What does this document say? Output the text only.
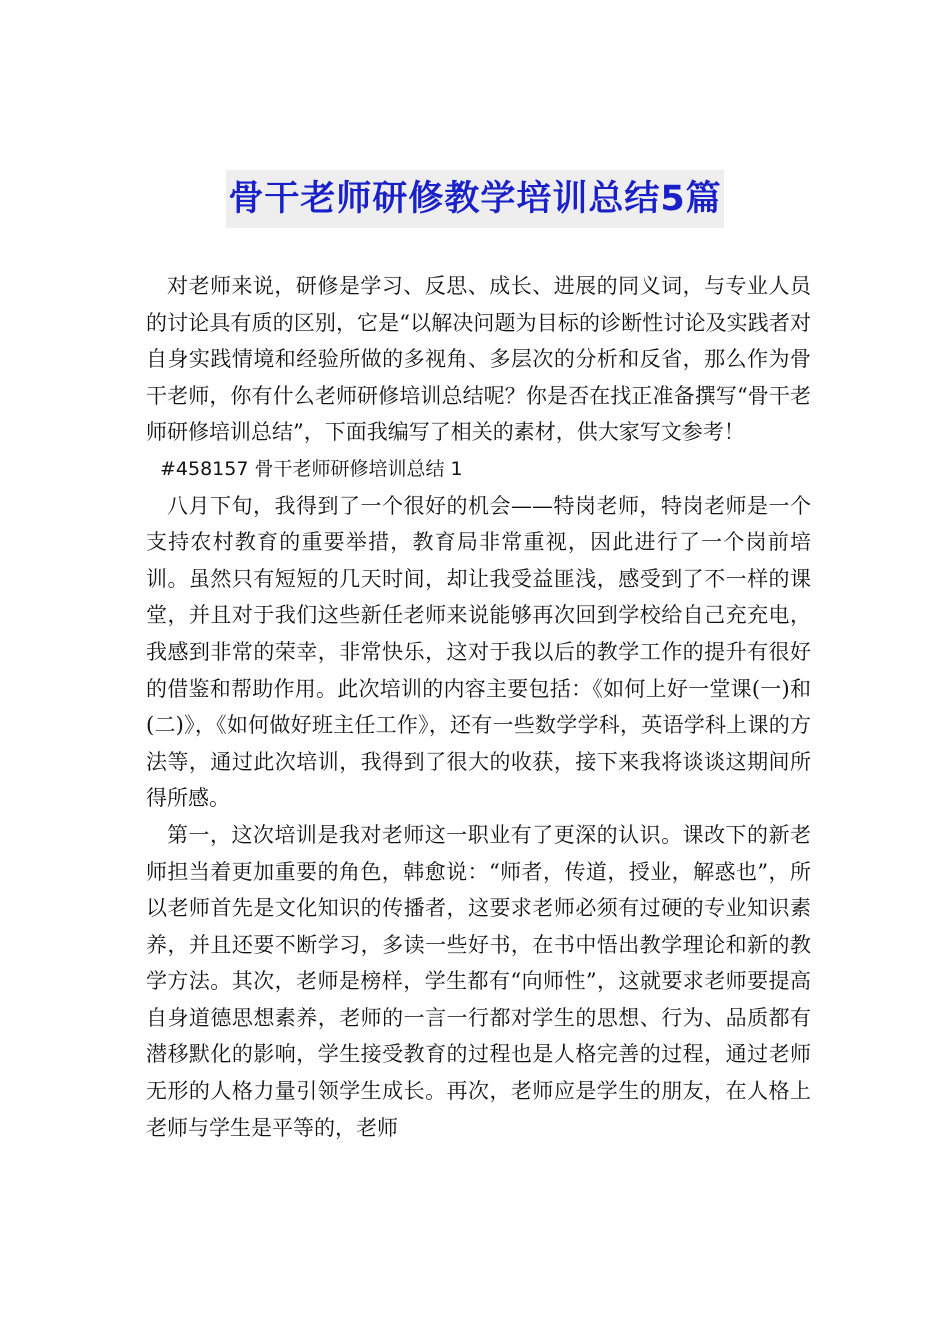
骨干老师研修教学培训总结5篇

对老师来说，研修是学习、反思、成长、进展的同义词，与专业人员的讨论具有质的区别，它是“以解决问题为目标的诊断性讨论及实践者对自身实践情境和经验所做的多视角、多层次的分析和反省，那么作为骨干老师，你有什么老师研修培训总结呢？你是否在找正准备撰写“骨干老师研修培训总结”，下面我编写了相关的素材，供大家写文参考！

#458157 骨干老师研修培训总结 1

八月下旬，我得到了一个很好的机会——特岗老师，特岗老师是一个支持农村教育的重要举措，教育局非常重视，因此进行了一个岗前培训。虽然只有短短的几天时间，却让我受益匪浅，感受到了不一样的课堂，并且对于我们这些新任老师来说能够再次回到学校给自己充充电，我感到非常的荣幸，非常快乐，这对于我以后的教学工作的提升有很好的借鉴和帮助作用。此次培训的内容主要包括：《如何上好一堂课(一)和(二)》，《如何做好班主任工作》，还有一些数学学科，英语学科上课的方法等，通过此次培训，我得到了很大的收获，接下来我将谈谈这期间所得所感。

第一，这次培训是我对老师这一职业有了更深的认识。课改下的新老师担当着更加重要的角色，韩愈说：“师者，传道，授业，解惑也”，所以老师首先是文化知识的传播者，这要求老师必须有过硬的专业知识素养，并且还要不断学习，多读一些好书，在书中悟出教学理论和新的教学方法。其次，老师是榜样，学生都有“向师性”，这就要求老师要提高自身道德思想素养，老师的一言一行都对学生的思想、行为、品质都有潜移默化的影响，学生接受教育的过程也是人格完善的过程，通过老师无形的人格力量引领学生成长。再次，老师应是学生的朋友，在人格上老师与学生是平等的，老师
